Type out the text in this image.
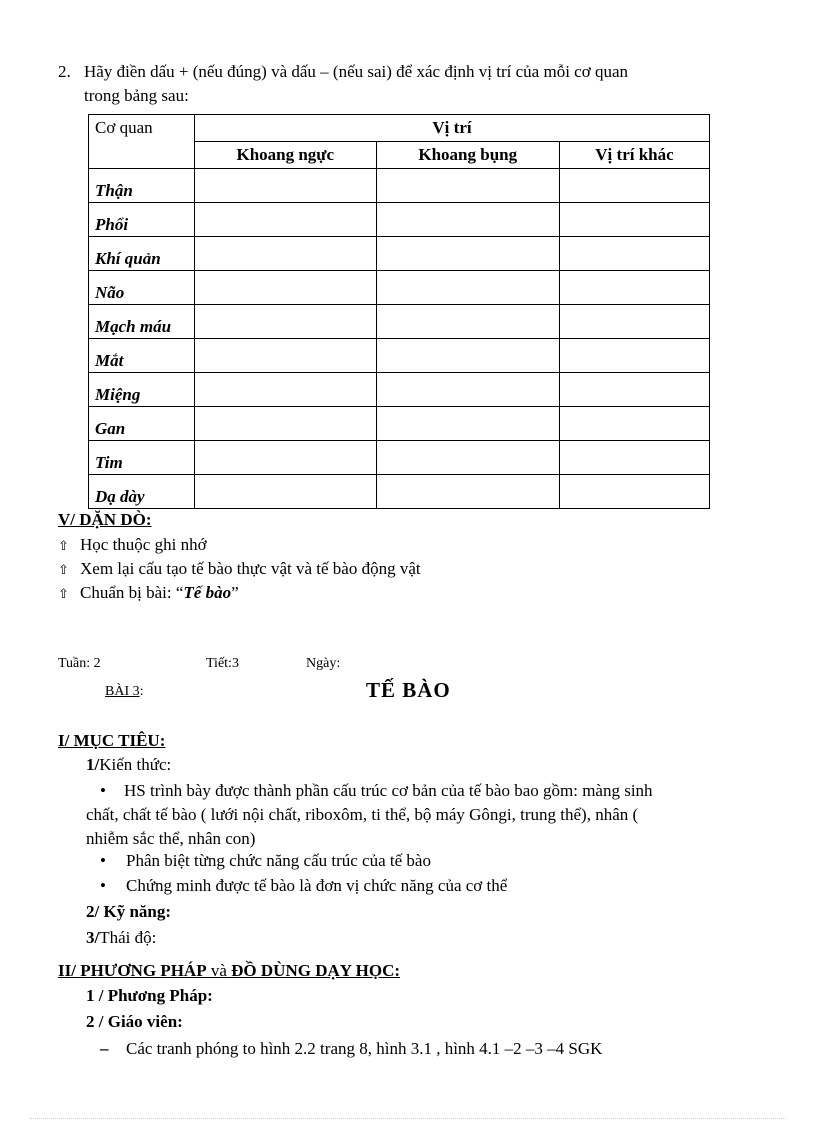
2. Hãy điền dấu + (nếu đúng) và dấu – (nếu sai) để xác định vị trí của mỗi cơ quan
trong bảng sau:
Cơ quan	Vị trí		
	Khoang ngực	Khoang bụng	Vị trí khác
Thận			
Phổi			
Khí quản			
Não			
Mạch máu			
Mắt			
Miệng			
Gan			
Tim			
Dạ dày			
V/ DẶN DÒ:
⇧ Học thuộc ghi nhớ
⇧ Xem lại cấu tạo tế bào thực vật và tế bào động vật
⇧ Chuẩn bị bài: “Tế bào”
Tuần: 2	Tiết:3	Ngày:
BÀI 3:	TẾ BÀO
I/ MỤC TIÊU:
1/Kiến thức:
• HS trình bày được thành phần cấu trúc cơ bản của tế bào bao gồm: màng sinh
chất, chất tế bào ( lưới nội chất, riboxôm, ti thể, bộ máy Gôngi, trung thể), nhân (
nhiễm sắc thể, nhân con)
• Phân biệt từng chức năng cấu trúc của tế bào
• Chứng minh được tế bào là đơn vị chức năng của cơ thể
2/ Kỹ năng:
3/Thái độ:
II/ PHƯƠNG PHÁP và ĐỒ DÙNG DẠY HỌC:
1 / Phương Pháp:
2 / Giáo viên:
– Các tranh phóng to hình 2.2 trang 8, hình 3.1 , hình 4.1 –2 –3 –4 SGK
